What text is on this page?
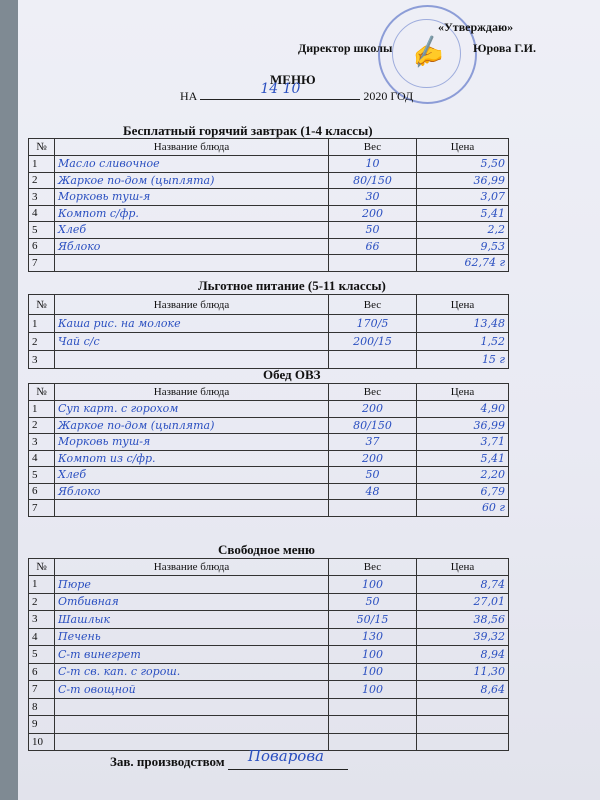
✍
«Утверждаю»
Директор школы	Юрова Г.И.
МЕНЮ
НА	14 10	2020 ГОД
Бесплатный горячий завтрак (1-4 классы)
№	Название блюда	Вес	Цена
1	Масло сливочное	10	5,50
2	Жаркое по-дом (цыплята)	80/150	36,99
3	Морковь туш-я	30	3,07
4	Компот с/фр.	200	5,41
5	Хлеб	50	2,2
6	Яблоко	66	9,53
7			62,74 г
Льготное питание (5-11 классы)
№	Название блюда	Вес	Цена
1	Каша рис. на молоке	170/5	13,48
2	Чай с/с	200/15	1,52
3			15 г
Обед ОВЗ
№	Название блюда	Вес	Цена
1	Суп карт. с горохом	200	4,90
2	Жаркое по-дом (цыплята)	80/150	36,99
3	Морковь туш-я	37	3,71
4	Компот из с/фр.	200	5,41
5	Хлеб	50	2,20
6	Яблоко	48	6,79
7			60 г
Свободное меню
№	Название блюда	Вес	Цена
1	Пюре	100	8,74
2	Отбивная	50	27,01
3	Шашлык	50/15	38,56
4	Печень	130	39,32
5	С-т винегрет	100	8,94
6	С-т св. кап. с горош.	100	11,30
7	С-т овощной	100	8,64
8			
9			
10			
Зав. производством Поварова
